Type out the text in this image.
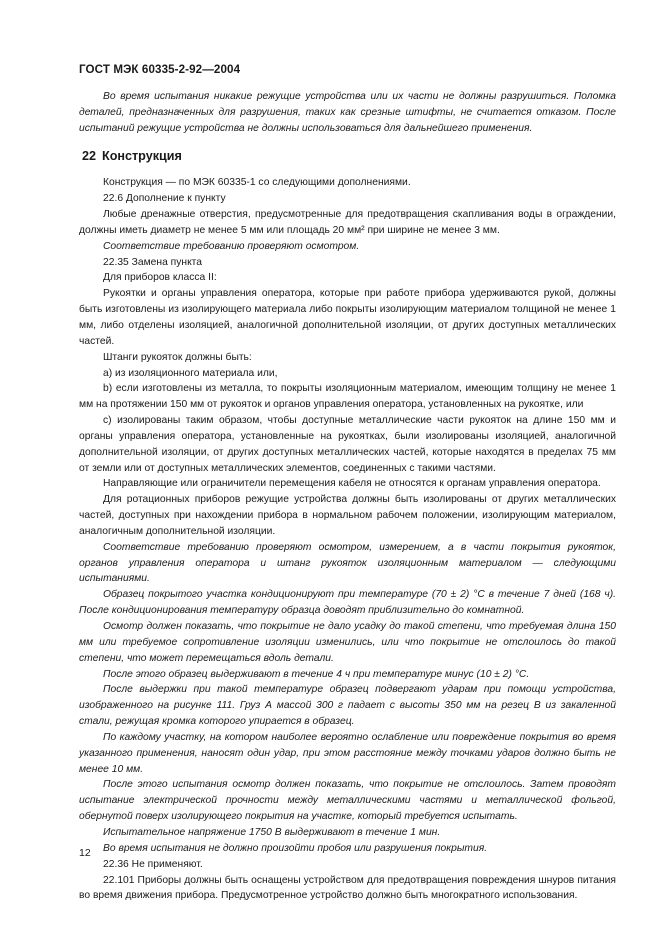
ГОСТ МЭК 60335-2-92—2004

Во время испытания никакие режущие устройства или их части не должны разрушиться. Поломка деталей, предназначенных для разрушения, таких как срезные штифты, не считается отказом. После испытаний режущие устройства не должны использоваться для дальнейшего применения.

22 Конструкция

Конструкция — по МЭК 60335-1 со следующими дополнениями.

22.6 Дополнение к пункту

Любые дренажные отверстия, предусмотренные для предотвращения скапливания воды в ограждении, должны иметь диаметр не менее 5 мм или площадь 20 мм² при ширине не менее 3 мм.

Соответствие требованию проверяют осмотром.

22.35 Замена пункта

Для приборов класса II:

Рукоятки и органы управления оператора, которые при работе прибора удерживаются рукой, должны быть изготовлены из изолирующего материала либо покрыты изолирующим материалом толщиной не менее 1 мм, либо отделены изоляцией, аналогичной дополнительной изоляции, от других доступных металлических частей.

Штанги рукояток должны быть:

а) из изоляционного материала или,

b) если изготовлены из металла, то покрыты изоляционным материалом, имеющим толщину не менее 1 мм на протяжении 150 мм от рукояток и органов управления оператора, установленных на рукоятке, или

с) изолированы таким образом, чтобы доступные металлические части рукояток на длине 150 мм и органы управления оператора, установленные на рукоятках, были изолированы изоляцией, аналогичной дополнительной изоляции, от других доступных металлических частей, которые находятся в пределах 75 мм от земли или от доступных металлических элементов, соединенных с такими частями.

Направляющие или ограничители перемещения кабеля не относятся к органам управления оператора.

Для ротационных приборов режущие устройства должны быть изолированы от других металлических частей, доступных при нахождении прибора в нормальном рабочем положении, изолирующим материалом, аналогичным дополнительной изоляции.

Соответствие требованию проверяют осмотром, измерением, а в части покрытия рукояток, органов управления оператора и штанг рукояток изоляционным материалом — следующими испытаниями.

Образец покрытого участка кондиционируют при температуре (70 ± 2) °С в течение 7 дней (168 ч). После кондиционирования температуру образца доводят приблизительно до комнатной.

Осмотр должен показать, что покрытие не дало усадку до такой степени, что требуемая длина 150 мм или требуемое сопротивление изоляции изменились, или что покрытие не отслоилось до такой степени, что может перемещаться вдоль детали.

После этого образец выдерживают в течение 4 ч при температуре минус (10 ± 2) °С.

После выдержки при такой температуре образец подвергают ударам при помощи устройства, изображенного на рисунке 111. Груз А массой 300 г падает с высоты 350 мм на резец В из закаленной стали, режущая кромка которого упирается в образец.

По каждому участку, на котором наиболее вероятно ослабление или повреждение покрытия во время указанного применения, наносят один удар, при этом расстояние между точками ударов должно быть не менее 10 мм.

После этого испытания осмотр должен показать, что покрытие не отслоилось. Затем проводят испытание электрической прочности между металлическими частями и металлической фольгой, обернутой поверх изолирующего покрытия на участке, который требуется испытать.

Испытательное напряжение 1750 В выдерживают в течение 1 мин.

Во время испытания не должно произойти пробоя или разрушения покрытия.

22.36 Не применяют.

22.101 Приборы должны быть оснащены устройством для предотвращения повреждения шнуров питания во время движения прибора. Предусмотренное устройство должно быть многократного использования.

12
